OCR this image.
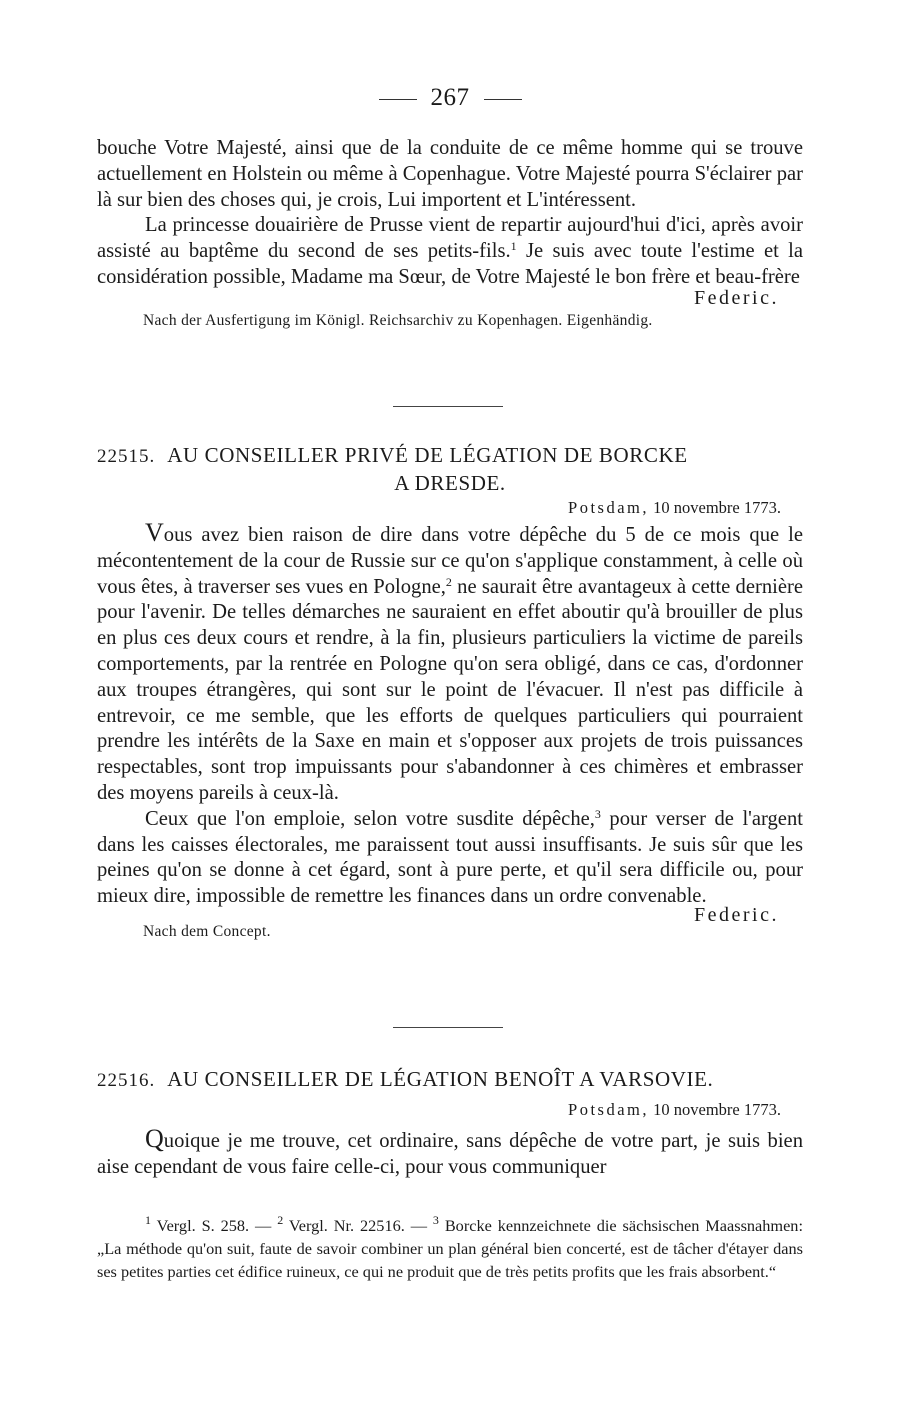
267

bouche Votre Majesté, ainsi que de la conduite de ce même homme qui se trouve actuellement en Holstein ou même à Copenhague. Votre Majesté pourra S'éclairer par là sur bien des choses qui, je crois, Lui importent et L'intéressent.

La princesse douairière de Prusse vient de repartir aujourd'hui d'ici, après avoir assisté au baptême du second de ses petits-fils.$^1$ Je suis avec toute l'estime et la considération possible, Madame ma Sœur, de Votre Majesté le bon frère et beau-frère

Federic.
Nach der Ausfertigung im Königl. Reichsarchiv zu Kopenhagen. Eigenhändig.
22515. AU CONSEILLER PRIVÉ DE LÉGATION DE BORCKE
A DRESDE.
Potsdam, 10 novembre 1773.

Vous avez bien raison de dire dans votre dépêche du 5 de ce mois que le mécontentement de la cour de Russie sur ce qu'on s'applique constamment, à celle où vous êtes, à traverser ses vues en Pologne,$^2$ ne saurait être avantageux à cette dernière pour l'avenir. De telles démarches ne sauraient en effet aboutir qu'à brouiller de plus en plus ces deux cours et rendre, à la fin, plusieurs particuliers la victime de pareils comportements, par la rentrée en Pologne qu'on sera obligé, dans ce cas, d'ordonner aux troupes étrangères, qui sont sur le point de l'évacuer. Il n'est pas difficile à entrevoir, ce me semble, que les efforts de quelques particuliers qui pourraient prendre les intérêts de la Saxe en main et s'opposer aux projets de trois puissances respectables, sont trop impuissants pour s'abandonner à ces chimères et embrasser des moyens pareils à ceux-là.

Ceux que l'on emploie, selon votre susdite dépêche,$^3$ pour verser de l'argent dans les caisses électorales, me paraissent tout aussi insuffisants. Je suis sûr que les peines qu'on se donne à cet égard, sont à pure perte, et qu'il sera difficile ou, pour mieux dire, impossible de remettre les finances dans un ordre convenable.

Federic.
Nach dem Concept.
22516. AU CONSEILLER DE LÉGATION BENOÎT A VARSOVIE.
Potsdam, 10 novembre 1773.

Quoique je me trouve, cet ordinaire, sans dépêche de votre part, je suis bien aise cependant de vous faire celle-ci, pour vous communiquer

$^1$ Vergl. S. 258. — $^2$ Vergl. Nr. 22516. — $^3$ Borcke kennzeichnete die sächsischen Maassnahmen: „La méthode qu'on suit, faute de savoir combiner un plan général bien concerté, est de tâcher d'étayer dans ses petites parties cet édifice ruineux, ce qui ne produit que de très petits profits que les frais absorbent.“
